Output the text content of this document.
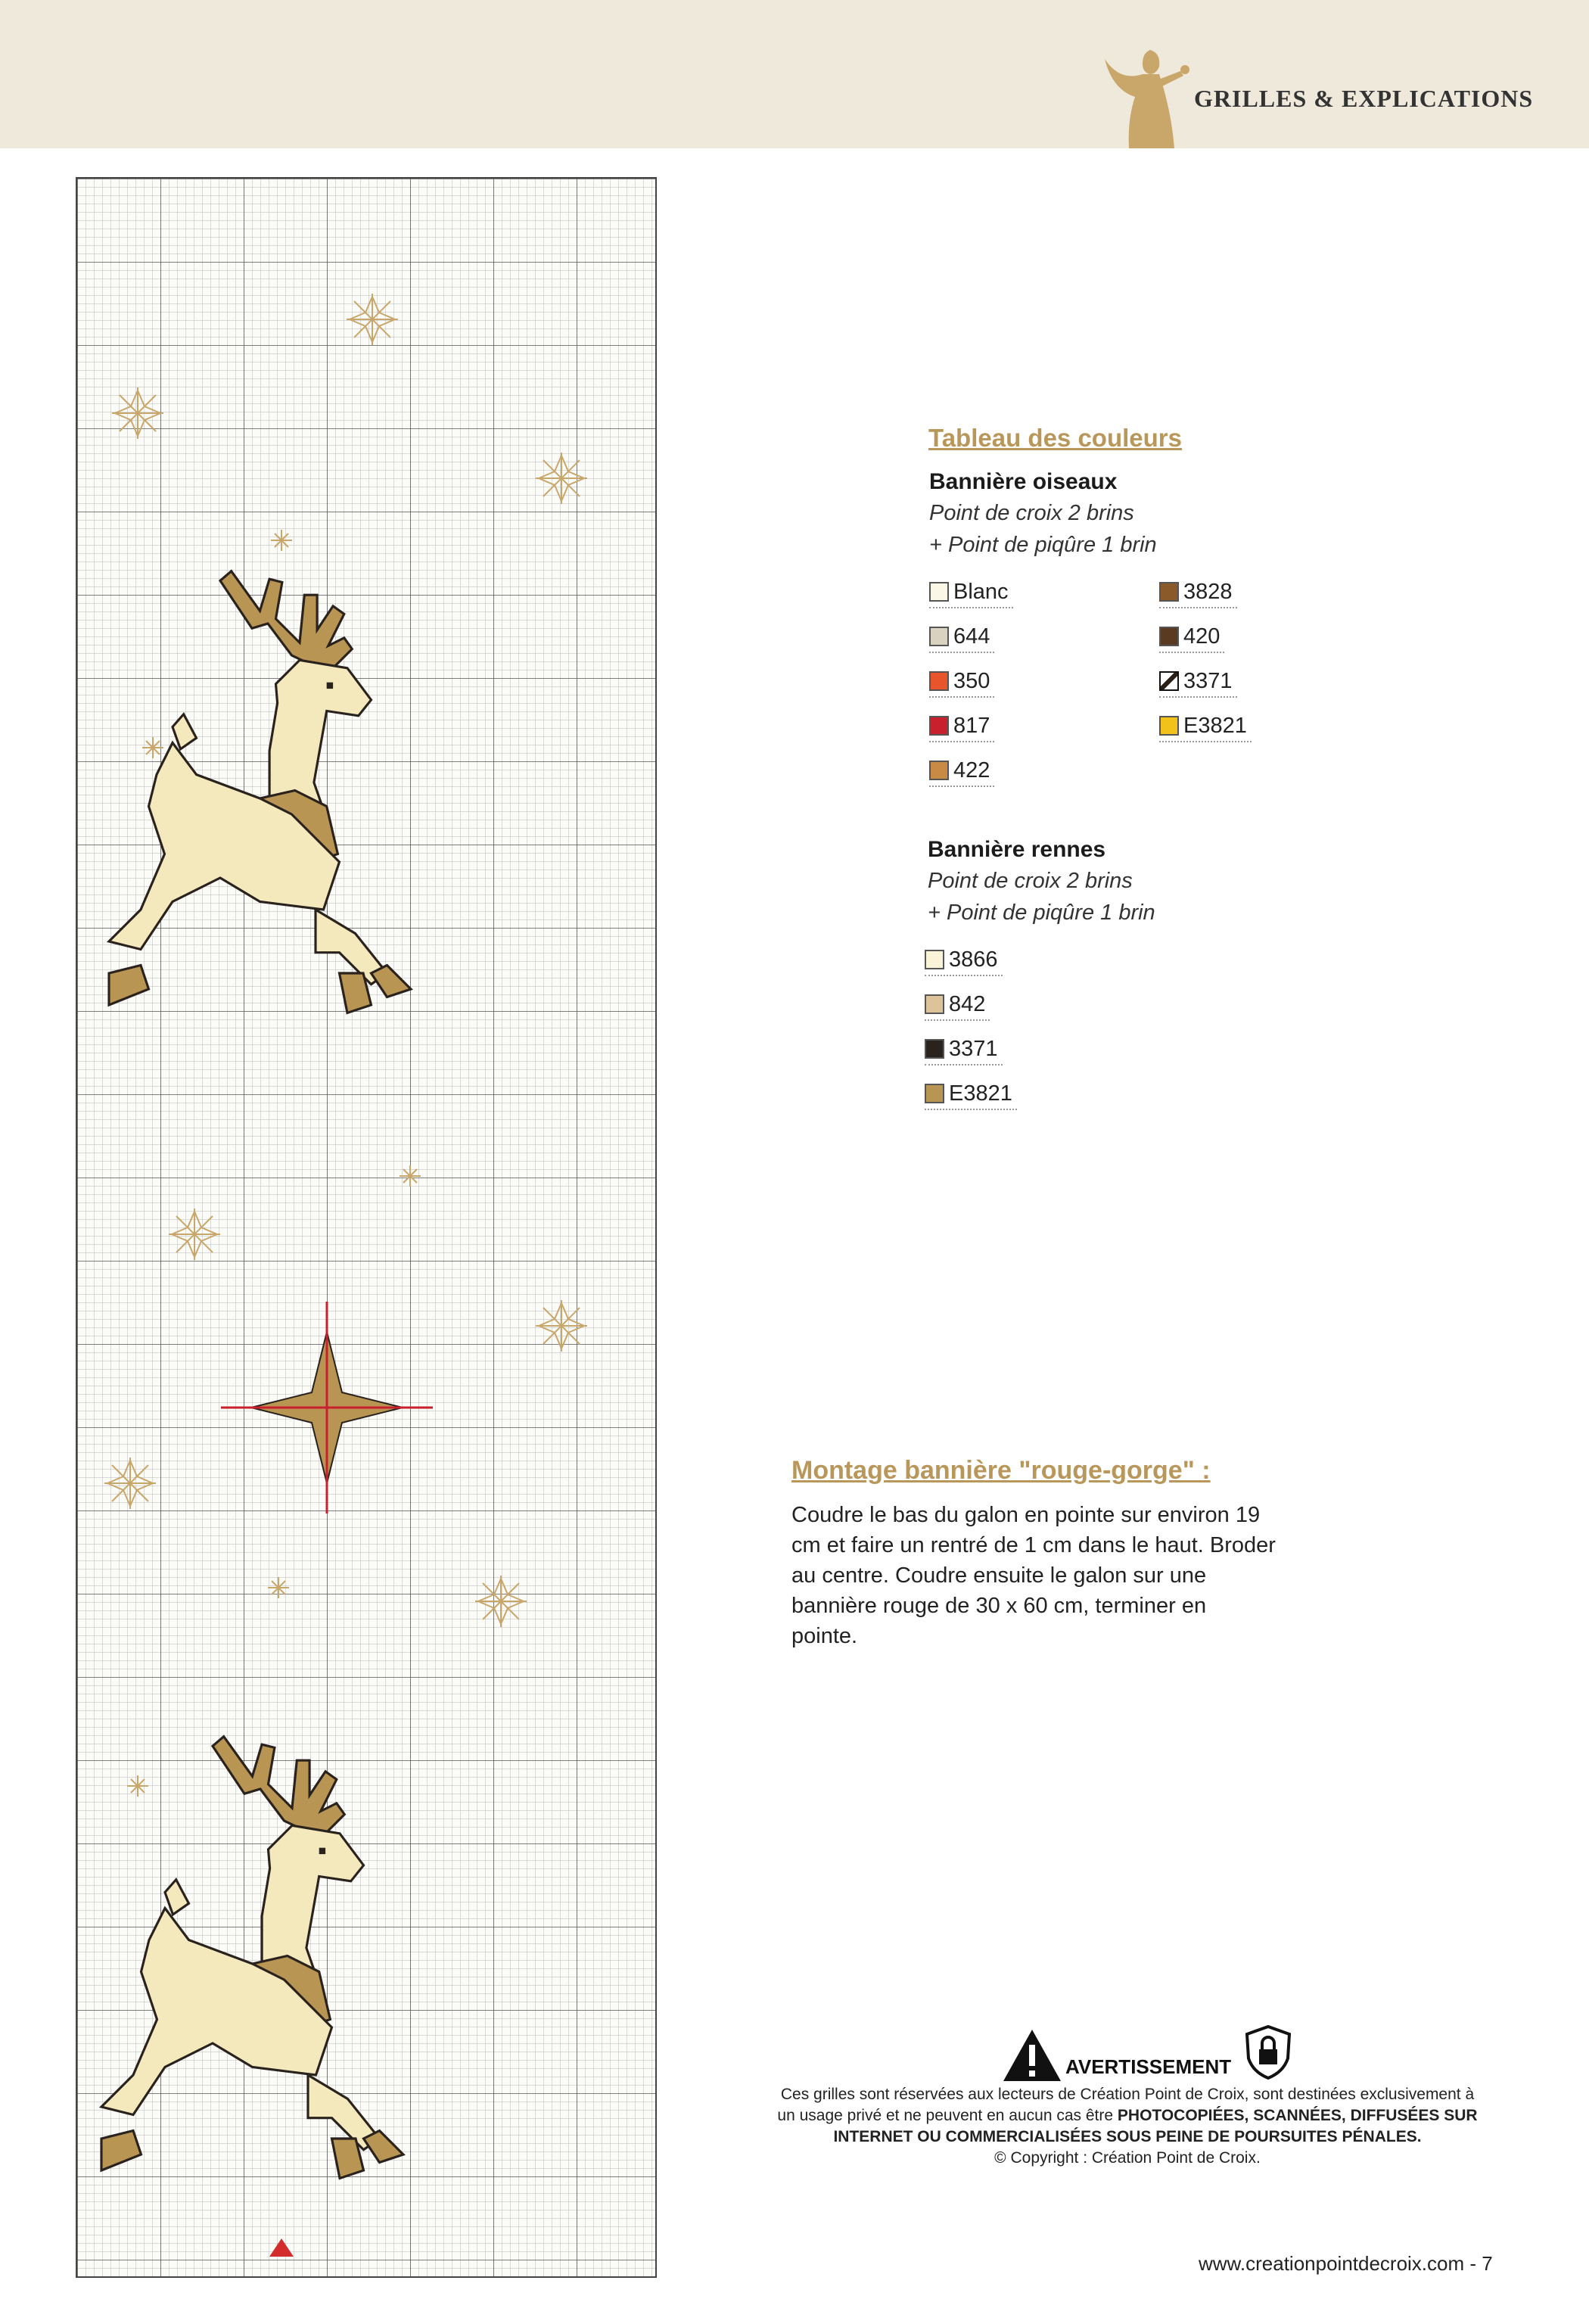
GRILLES & EXPLICATIONS
Tableau des couleurs
Bannière oiseaux
Point de croix 2 brins
+ Point de piqûre 1 brin
Blanc
644
350
817
422
3828
420
3371
E3821
Bannière rennes
Point de croix 2 brins
+ Point de piqûre 1 brin
3866
842
3371
E3821
Montage bannière "rouge-gorge" :
Coudre le bas du galon en pointe sur environ 19 cm et faire un rentré de 1 cm dans le haut. Broder au centre. Coudre ensuite le galon sur une bannière rouge de 30 x 60 cm, terminer en pointe.
AVERTISSEMENT
Ces grilles sont réservées aux lecteurs de Création Point de Croix, sont destinées exclusivement à un usage privé et ne peuvent en aucun cas être PHOTOCOPIÉES, SCANNÉES, DIFFUSÉES SUR INTERNET OU COMMERCIALISÉES SOUS PEINE DE POURSUITES PÉNALES.
© Copyright : Création Point de Croix.
www.creationpointdecroix.com - 7
